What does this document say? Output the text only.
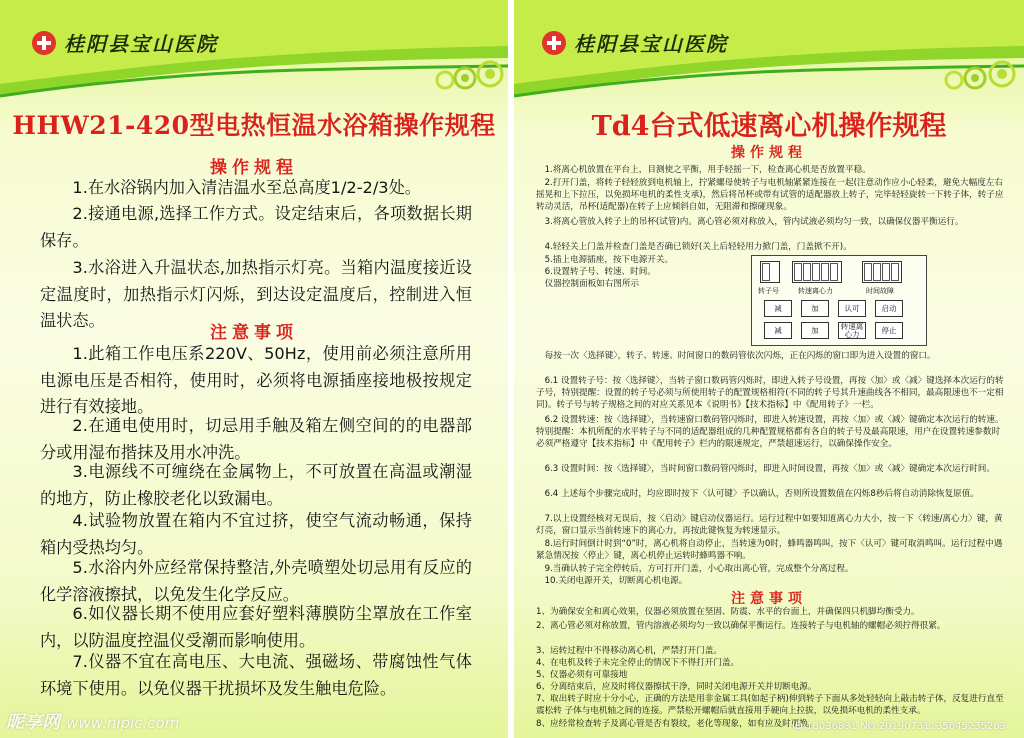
桂阳县宝山医院
HHW21-420型电热恒温水浴箱操作规程
操作规程

1.在水浴锅内加入清洁温水至总高度1/2-2/3处。

2.接通电源,选择工作方式。设定结束后，各项数据长期保存。

3.水浴进入升温状态,加热指示灯亮。当箱内温度接近设定温度时，加热指示灯闪烁，到达设定温度后，控制进入恒温状态。

注意事项

1.此箱工作电压系220V、50Hz，使用前必须注意所用电源电压是否相符，使用时，必须将电源插座接地极按规定进行有效接地。

2.在通电使用时，切忌用手触及箱左侧空间的的电器部分或用湿布揩抹及用水冲洗。

3.电源线不可缠绕在金属物上，不可放置在高温或潮湿的地方，防止橡胶老化以致漏电。

4.试验物放置在箱内不宜过挤，使空气流动畅通，保持箱内受热均匀。

5.水浴内外应经常保持整洁,外壳喷塑处切忌用有反应的化学溶液擦拭，以免发生化学反应。

6.如仪器长期不使用应套好塑料薄膜防尘罩放在工作室内，以防温度控温仪受潮而影响使用。

7.仪器不宜在高电压、大电流、强磁场、带腐蚀性气体环境下使用。以免仪器干扰损坏及发生触电危险。

昵享网 www.nipic.com
桂阳县宝山医院
Td4台式低速离心机操作规程
操作规程

1.将离心机放置在平台上，目测使之平衡，用手轻摇一下，检查离心机是否放置平稳。

2.打开门盖，将转子轻轻放到电机轴上，拧紧螺母使转子与电机轴紧紧连接在一起(注意动作应小心轻柔，避免大幅度左右摇晃和上下拉压，以免损坏电机的柔性支承)，然后将吊杯或带有试管的适配器放上转子，完毕轻轻旋转一下转子体，转子应转动灵活，吊杯(适配器)在转子上应倾斜自如，无阻滞和擦碰现象。

3.将离心管放入转子上的吊杯(试管)内。离心管必须对称放入，管内试液必须均匀一致，以确保仪器平衡运行。

4.轻轻关上门盖并检查门盖是否确已锁好(关上后轻轻用力掀门盖，门盖掀不开)。

5.插上电源插座，按下电源开关。

6.设置转子号、转速、时间。

仪器控制面板如右图所示

转子号	转速离心力	时间故障
减	加	认可	启动
减	加	转速离心力	停止

每按一次〈选择键〉，转子、转速、时间窗口的数码管依次闪烁，正在闪烁的窗口即为进入设置的窗口。

6.1 设置转子号：按〈选择键〉，当转子窗口数码管闪烁时，即进入转子号设置，再按〈加〉或〈减〉键选择本次运行的转子号，特别提醒：设置的转子号必须与所使用转子的配置规格相符(不同的转子号其升速曲线各不相同，最高限速也不一定相同)。转子号与转子规格之间的对应关系见本《说明书》【技术指标】中《配用转子》一栏。

6.2 设置转速：按〈选择键〉，当转速窗口数码管闪烁时，即进入转速设置，再按〈加〉或〈减〉键确定本次运行的转速。特别提醒：本机所配的水平转子与不同的适配器组成的几种配置规格都有各自的转子号及最高限速，用户在设置转速参数时必须严格遵守【技术指标】中《配用转子》栏内的限速规定，严禁超速运行，以确保操作安全。

6.3 设置时间：按〈选择键〉，当时间窗口数码管闪烁时，即进入时间设置，再按〈加〉或〈减〉键确定本次运行时间。

6.4 上述每个步骤完成时，均应即时按下〈认可键〉予以确认，否则所设置数值在闪烁8秒后将自动消除恢复原值。

7.以上设置经核对无误后，按〈启动〉键启动仪器运行。运行过程中如要知道离心力大小，按一下〈转速/离心力〉键，黄灯亮，窗口显示当前转速下的离心力，再按此键恢复为转速显示。

8.运行时间倒计时到“0”时，离心机将自动停止，当转速为0时，蜂鸣器鸣叫，按下〈认可〉键可取消鸣叫。运行过程中遇紧急情况按〈停止〉键，离心机停止运转时蜂鸣器不响。

9.当确认转子完全停转后，方可打开门盖，小心取出离心管，完成整个分离过程。

10.关闭电源开关，切断离心机电源。

注意事项

1、为确保安全和离心效果，仪器必须放置在坚固、防震、水平的台面上，并确保四只机脚均衡受力。

2、离心管必须对称放置，管内溶液必须均匀一致以确保平衡运行。连接转子与电机轴的螺帽必须拧得很紧。

3、运转过程中不得移动离心机，严禁打开门盖。

4、在电机及转子未完全停止的情况下不得打开门盖。

5、仪器必须有可靠接地

6、分离结束后，应及时将仪器擦拭干净，同时关闭电源开关并切断电源。

7、取出转子时应十分小心，正确的方法是用非金属工具(如起子柄)伸到转子下面从多处轻轻向上敲击转子体，反复进行直至震松转 子体与电机轴之间的连接。严禁松开螺帽后就直接用手硬向上拉拔，以免损坏电机的柔性支承。

8、应经常检查转子及离心管是否有裂纹，老化等现象，如有应及时更换。

ID:18036831 NO:20190731135645235263
